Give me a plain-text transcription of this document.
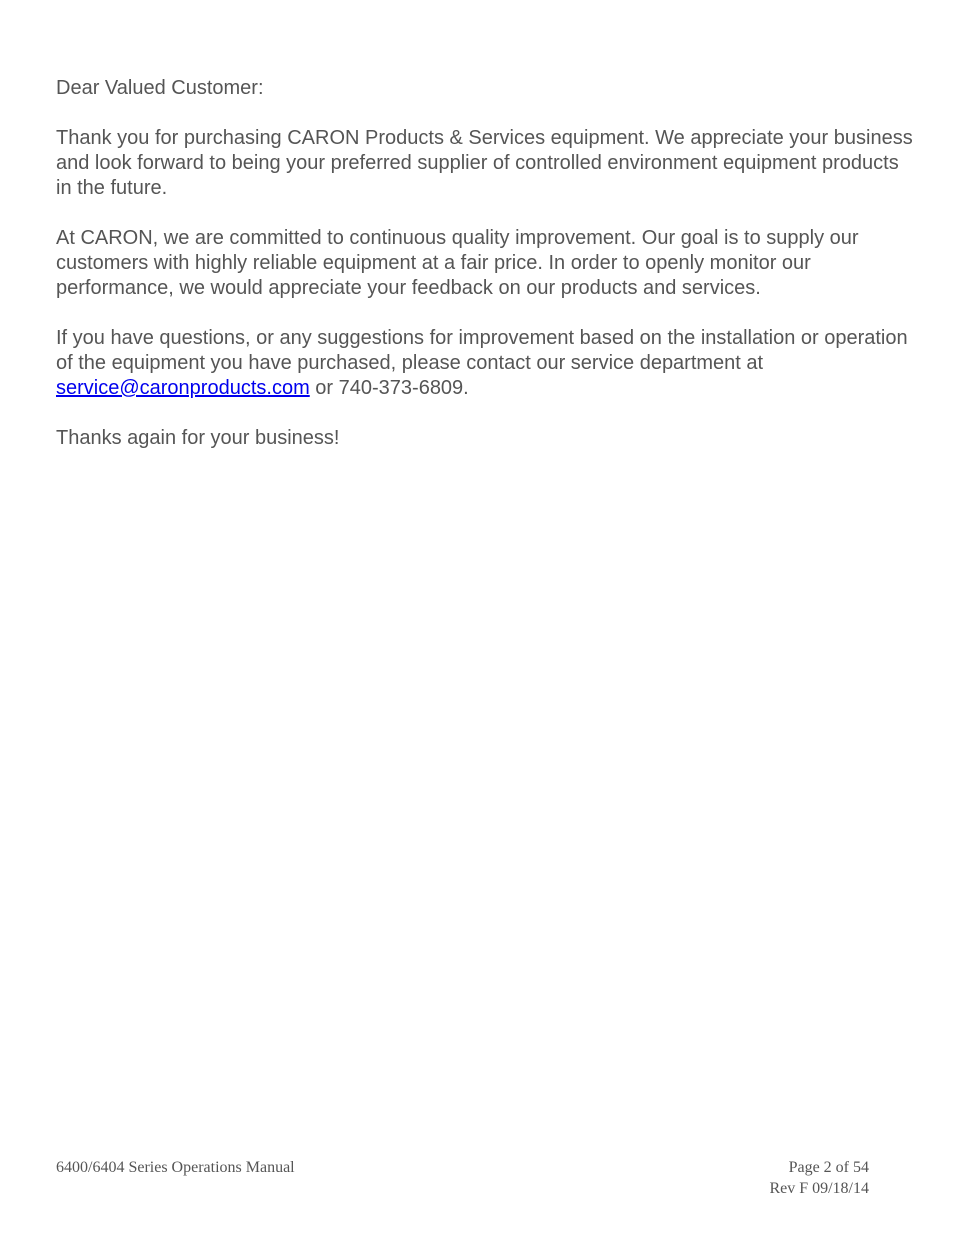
Dear Valued Customer:

Thank you for purchasing CARON Products & Services equipment. We appreciate your business and look forward to being your preferred supplier of controlled environment equipment products in the future.

At CARON, we are committed to continuous quality improvement. Our goal is to supply our customers with highly reliable equipment at a fair price. In order to openly monitor our performance, we would appreciate your feedback on our products and services.

If you have questions, or any suggestions for improvement based on the installation or operation of the equipment you have purchased, please contact our service department at service@caronproducts.com or 740-373-6809.

Thanks again for your business!

6400/6404 Series Operations Manual	Page 2 of 54
Rev F 09/18/14
